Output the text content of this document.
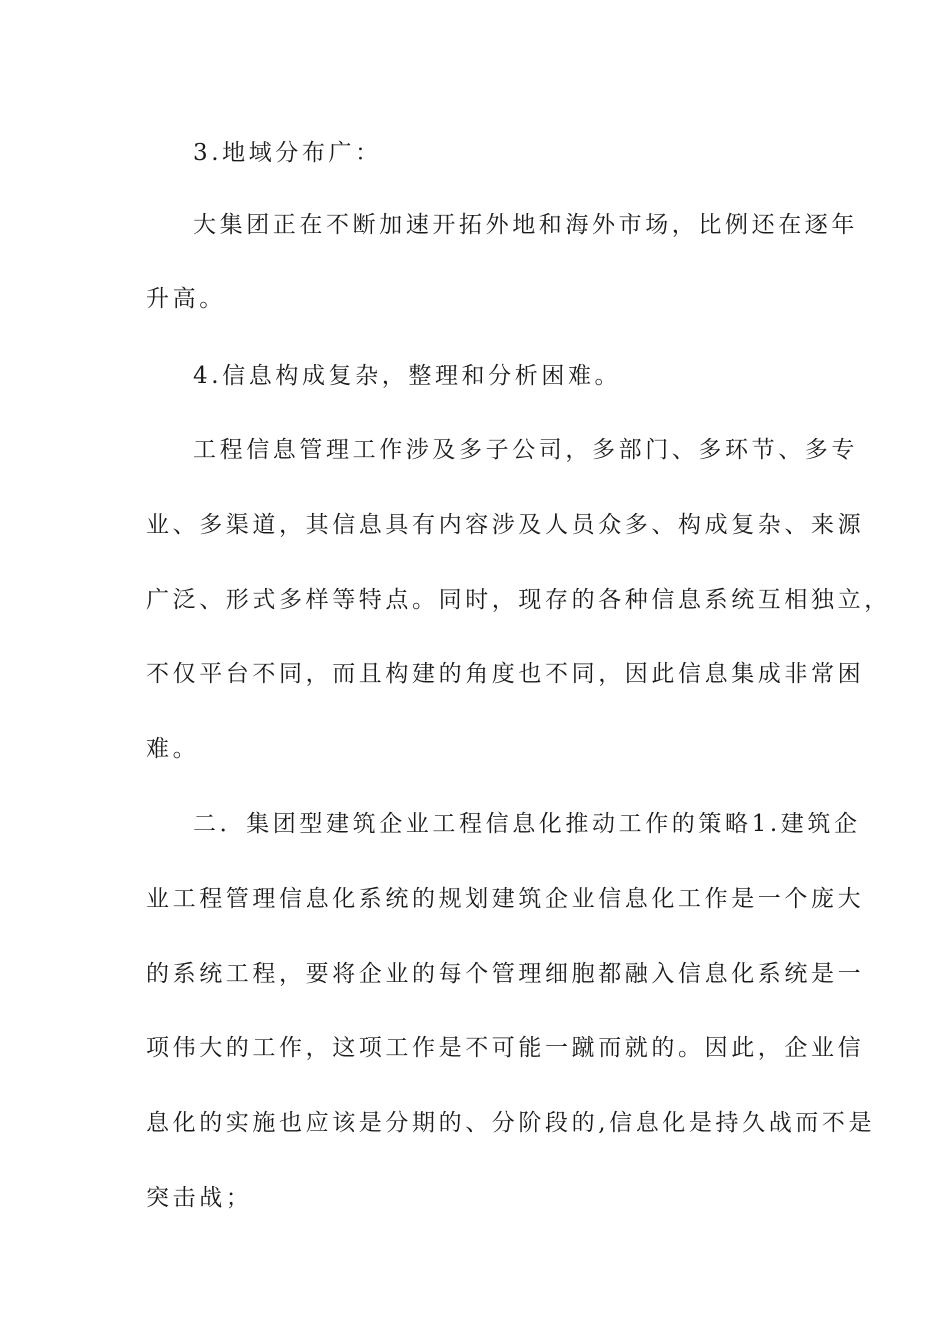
3.地域分布广：
大集团正在不断加速开拓外地和海外市场，比例还在逐年
升高。
4.信息构成复杂，整理和分析困难。
工程信息管理工作涉及多子公司，多部门、多环节、多专
业、多渠道，其信息具有内容涉及人员众多、构成复杂、来源
广泛、形式多样等特点。同时，现存的各种信息系统互相独立，
不仅平台不同，而且构建的角度也不同，因此信息集成非常困
难。
二．集团型建筑企业工程信息化推动工作的策略1.建筑企
业工程管理信息化系统的规划建筑企业信息化工作是一个庞大
的系统工程，要将企业的每个管理细胞都融入信息化系统是一
项伟大的工作，这项工作是不可能一蹴而就的。因此，企业信
息化的实施也应该是分期的、分阶段的,信息化是持久战而不是
突击战；
